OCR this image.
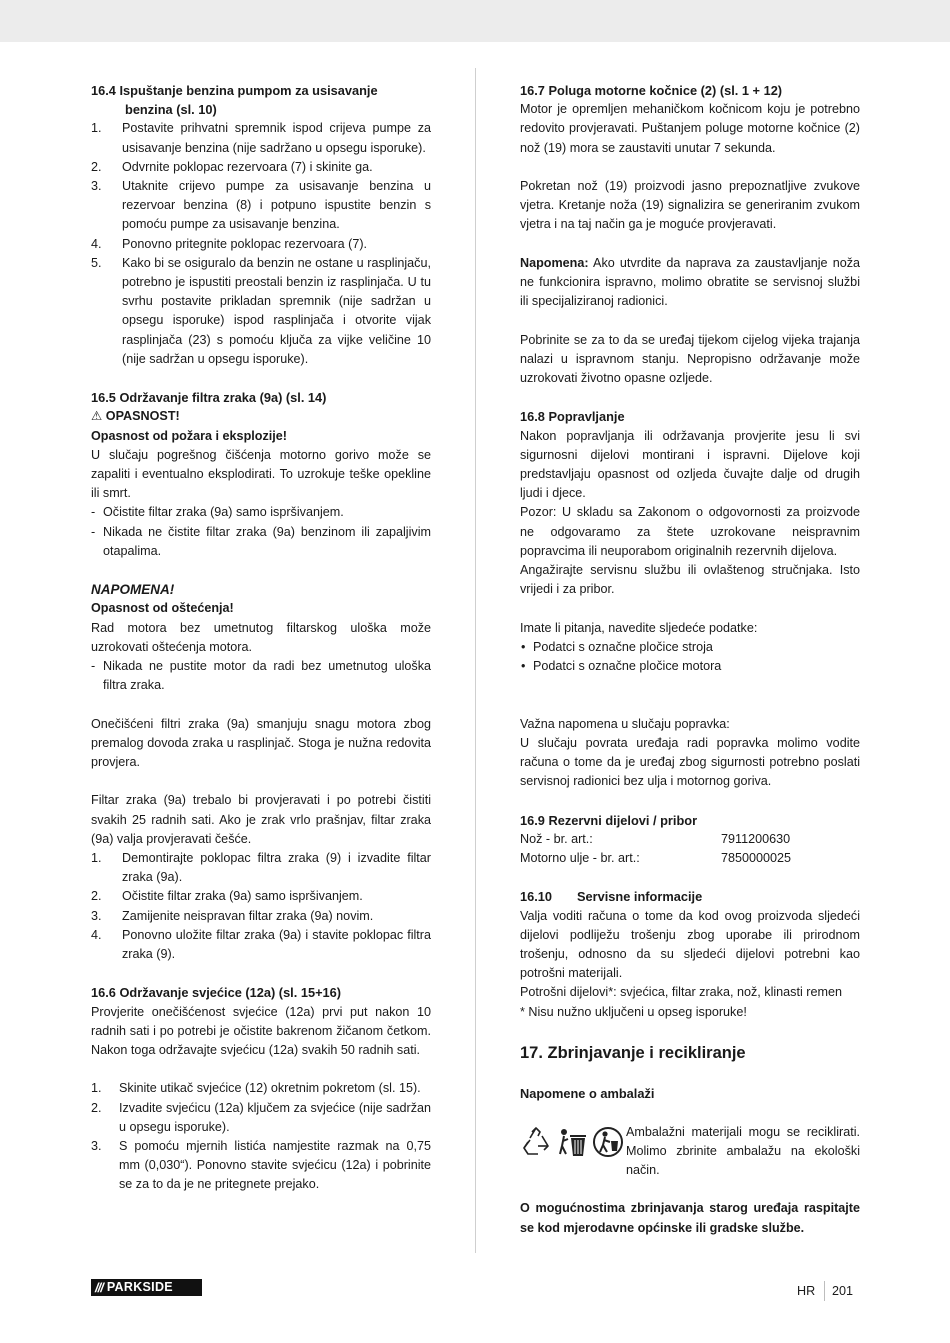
16.4 Ispuštanje benzina pumpom za usisavanje
benzina (sl. 10)
1. Postavite prihvatni spremnik ispod crijeva pumpe za usisavanje benzina (nije sadržano u opsegu isporuke).
2. Odvrnite poklopac rezervoara (7) i skinite ga.
3. Utaknite crijevo pumpe za usisavanje benzina u rezervoar benzina (8) i potpuno ispustite benzin s pomoću pumpe za usisavanje benzina.
4. Ponovno pritegnite poklopac rezervoara (7).
5. Kako bi se osiguralo da benzin ne ostane u rasplinjaču, potrebno je ispustiti preostali benzin iz rasplinjača. U tu svrhu postavite prikladan spremnik (nije sadržan u opsegu isporuke) ispod rasplinjača i otvorite vijak rasplinjača (23) s pomoću ključa za vijke veličine 10 (nije sadržan u opsegu isporuke).
16.5 Održavanje filtra zraka (9a) (sl. 14)
⚠ OPASNOST!
Opasnost od požara i eksplozije!

U slučaju pogrešnog čišćenja motorno gorivo može se zapaliti i eventualno eksplodirati. To uzrokuje teške opekline ili smrt.

- Očistite filtar zraka (9a) samo ispršivanjem.
- Nikada ne čistite filtar zraka (9a) benzinom ili zapaljivim otapalima.
NAPOMENA!
Opasnost od oštećenja!

Rad motora bez umetnutog filtarskog uloška može uzrokovati oštećenja motora.

- Nikada ne pustite motor da radi bez umetnutog uloška filtra zraka.

Onečišćeni filtri zraka (9a) smanjuju snagu motora zbog premalog dovoda zraka u rasplinjač. Stoga je nužna redovita provjera.

Filtar zraka (9a) trebalo bi provjeravati i po potrebi čistiti svakih 25 radnih sati. Ako je zrak vrlo prašnjav, filtar zraka (9a) valja provjeravati češće.

1. Demontirajte poklopac filtra zraka (9) i izvadite filtar zraka (9a).
2. Očistite filtar zraka (9a) samo ispršivanjem.
3. Zamijenite neispravan filtar zraka (9a) novim.
4. Ponovno uložite filtar zraka (9a) i stavite poklopac filtra zraka (9).
16.6 Održavanje svjećice (12a) (sl. 15+16)

Provjerite onečišćenost svjećice (12a) prvi put nakon 10 radnih sati i po potrebi je očistite bakrenom žičanom četkom. Nakon toga održavajte svjećicu (12a) svakih 50 radnih sati.

1. Skinite utikač svjećice (12) okretnim pokretom (sl. 15).
2. Izvadite svjećicu (12a) ključem za svjećice (nije sadržan u opsegu isporuke).
3. S pomoću mjernih listića namjestite razmak na 0,75 mm (0,030“). Ponovno stavite svjećicu (12a) i pobrinite se za to da je ne pritegnete prejako.
16.7 Poluga motorne kočnice (2) (sl. 1 + 12)

Motor je opremljen mehaničkom kočnicom koju je potrebno redovito provjeravati. Puštanjem poluge motorne kočnice (2) nož (19) mora se zaustaviti unutar 7 sekunda.

Pokretan nož (19) proizvodi jasno prepoznatljive zvukove vjetra. Kretanje noža (19) signalizira se generiranim zvukom vjetra i na taj način ga je moguće provjeravati.

Napomena: Ako utvrdite da naprava za zaustavljanje noža ne funkcionira ispravno, molimo obratite se servisnoj službi ili specijaliziranoj radionici.

Pobrinite se za to da se uređaj tijekom cijelog vijeka trajanja nalazi u ispravnom stanju. Nepropisno održavanje može uzrokovati životno opasne ozljede.

16.8 Popravljanje

Nakon popravljanja ili održavanja provjerite jesu li svi sigurnosni dijelovi montirani i ispravni. Dijelove koji predstavljaju opasnost od ozljeda čuvajte dalje od drugih ljudi i djece.

Pozor: U skladu sa Zakonom o odgovornosti za proizvode ne odgovaramo za štete uzrokovane neispravnim popravcima ili neuporabom originalnih rezervnih dijelova.

Angažirajte servisnu službu ili ovlaštenog stručnjaka. Isto vrijedi i za pribor.

Imate li pitanja, navedite sljedeće podatke:

• Podatci s označne pločice stroja
• Podatci s označne pločice motora

Važna napomena u slučaju popravka:

U slučaju povrata uređaja radi popravka molimo vodite računa o tome da je uređaj zbog sigurnosti potrebno poslati servisnoj radionici bez ulja i motornog goriva.

16.9 Rezervni dijelovi / pribor
Nož - br. art.:	7911200630
Motorno ulje - br. art.:	7850000025
16.10 Servisne informacije

Valja voditi računa o tome da kod ovog proizvoda sljedeći dijelovi podliježu trošenju zbog uporabe ili prirodnom trošenju, odnosno da su sljedeći dijelovi potrebni kao potrošni materijali.

Potrošni dijelovi*: svjećica, filtar zraka, nož, klinasti remen

* Nisu nužno uključeni u opseg isporuke!

17. Zbrinjavanje i recikliranje
Napomene o ambalaži

Ambalažni materijali mogu se reciklirati. Molimo zbrinite ambalažu na ekološki način.

O mogućnostima zbrinjavanja starog uređaja raspitajte se kod mjerodavne općinske ili gradske službe.

/// PARKSIDE	HR 201
